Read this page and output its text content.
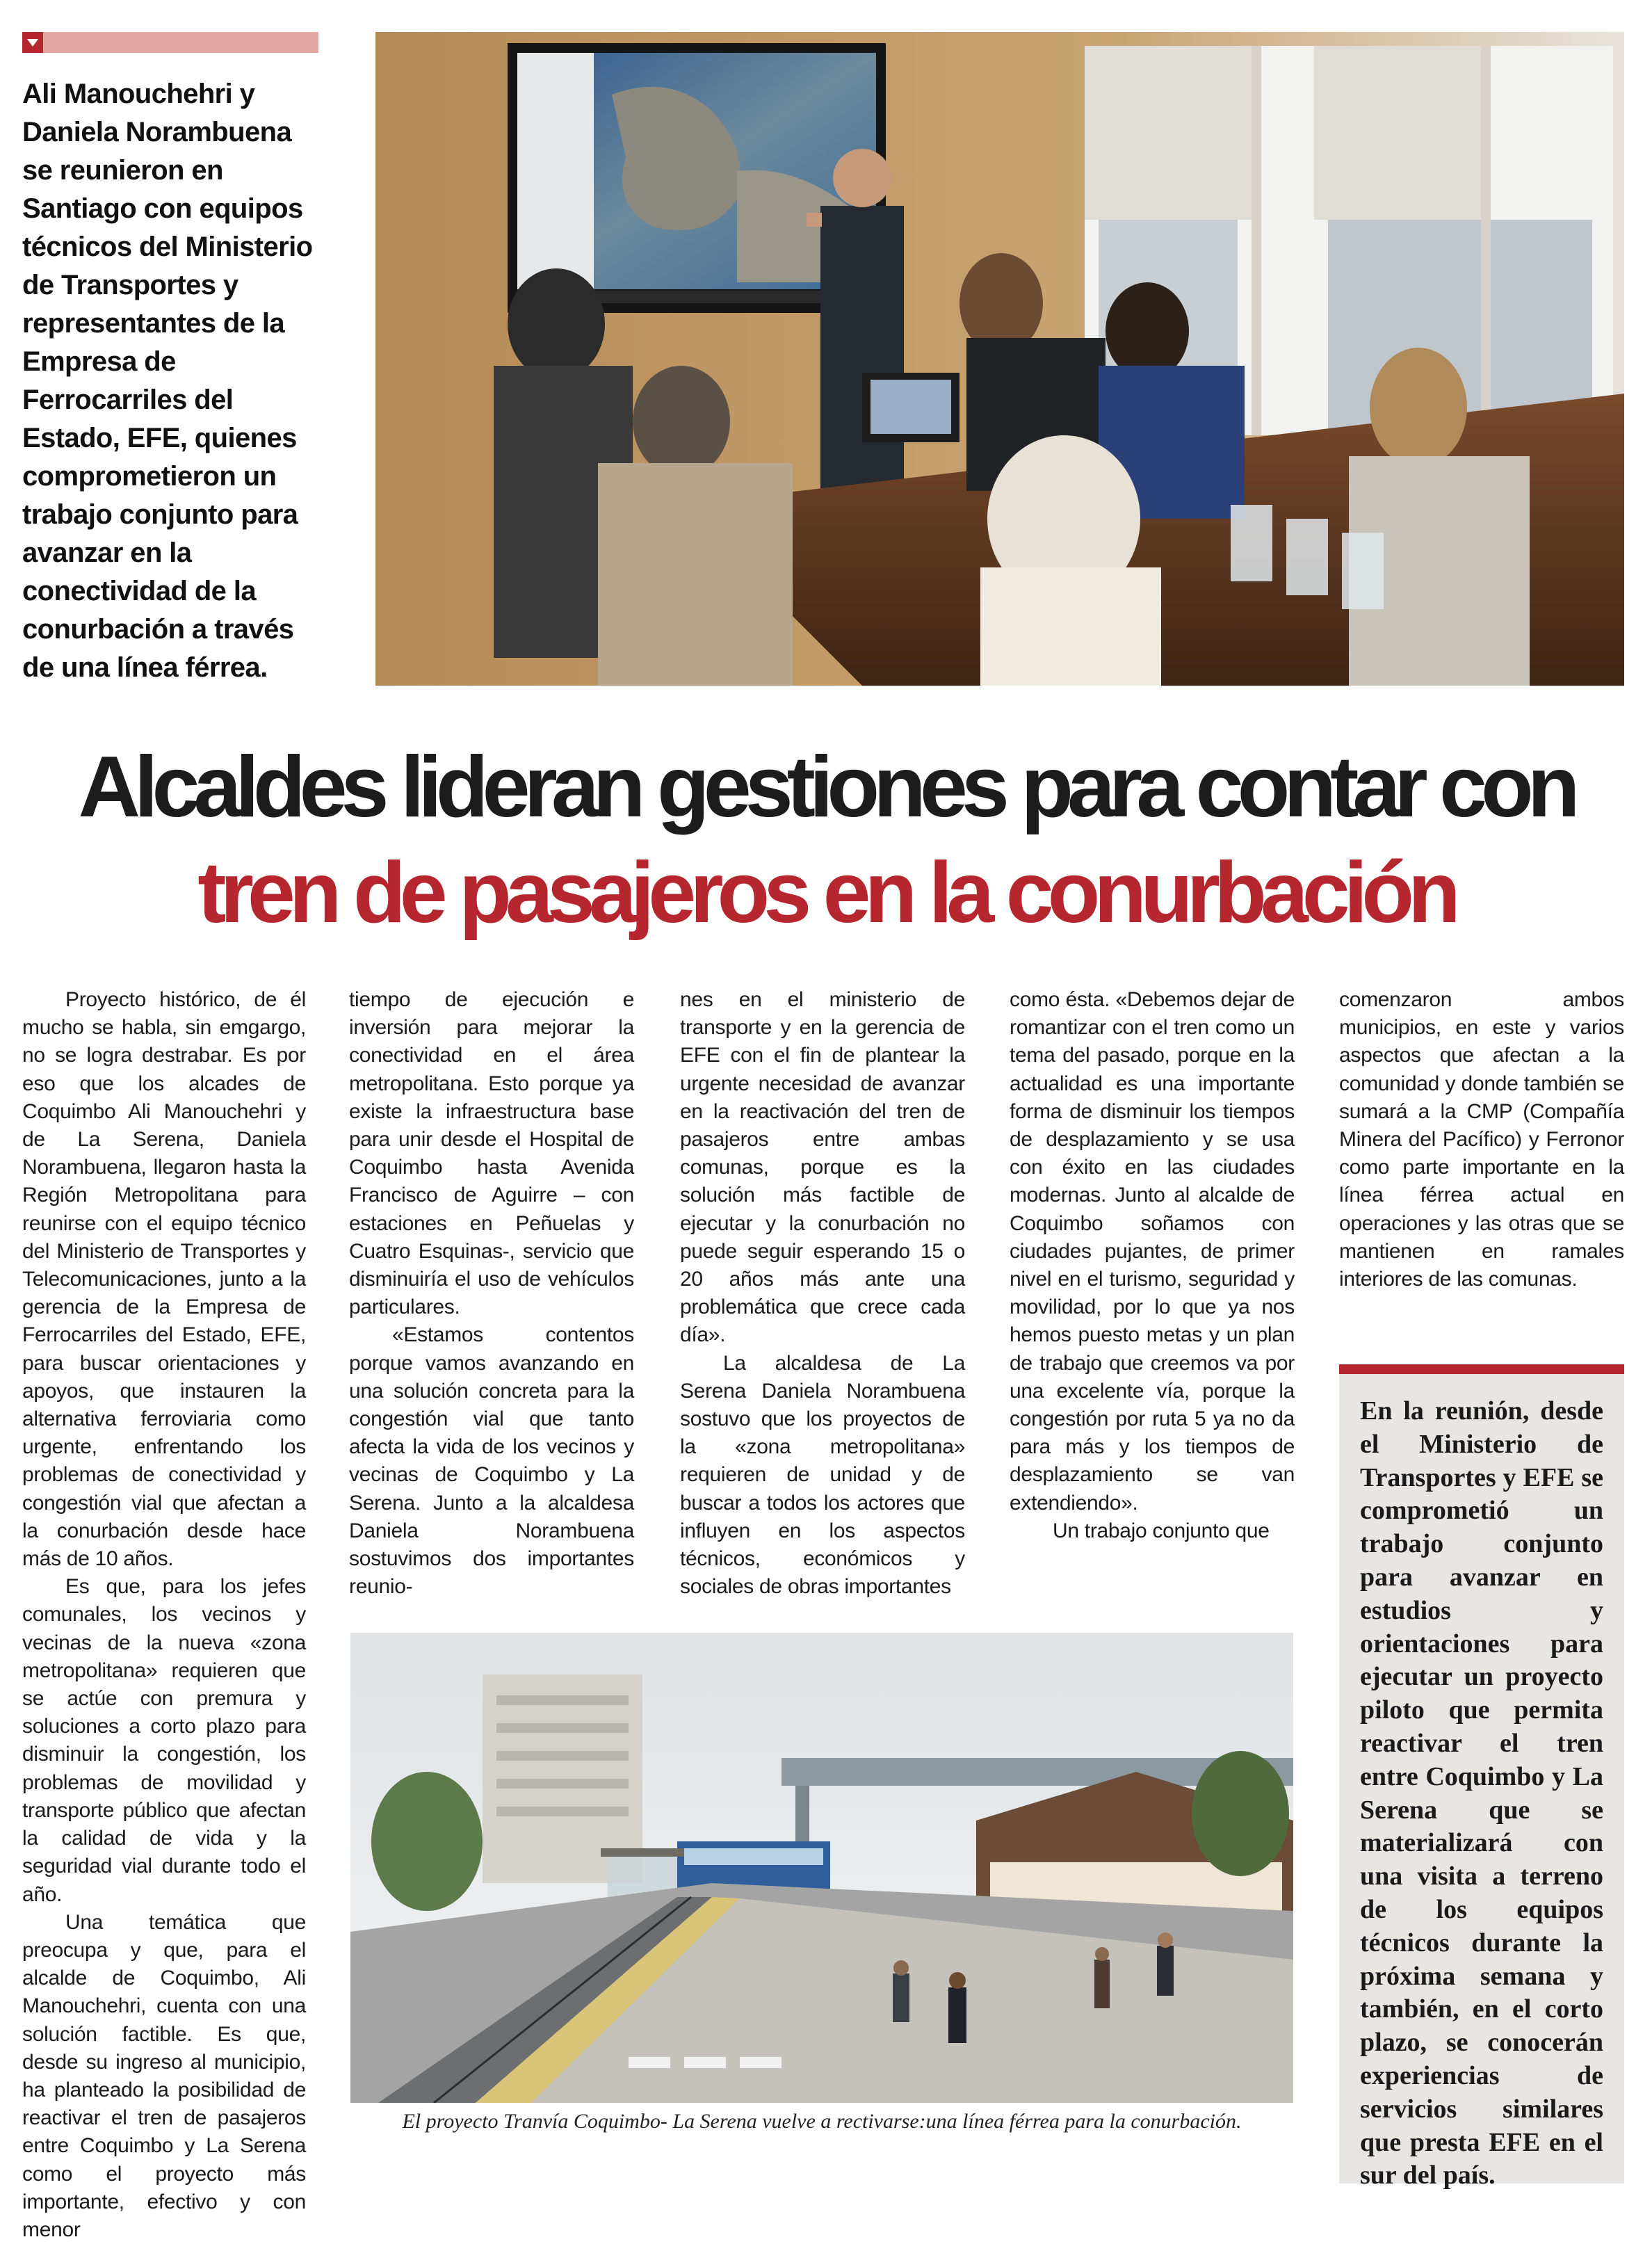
Ali Manouchehri y Daniela Norambuena se reunieron en Santiago con equipos técnicos del Ministerio de Transportes y representantes de la Empresa de Ferrocarriles del Estado, EFE, quienes comprometieron un trabajo conjunto para avanzar en la conectividad de la conurbación a través de una línea férrea.

Alcaldes lideran gestiones para contar con
tren de pasajeros en la conurbación

Proyecto histórico, de él mucho se habla, sin emgargo, no se logra destrabar. Es por eso que los alcades de Coquimbo Ali Manouchehri y de La Serena, Daniela Norambuena, llegaron hasta la Región Metropolitana para reunirse con el equipo técnico del Ministerio de Transportes y Telecomunicaciones, junto a la gerencia de la Empresa de Ferrocarriles del Estado, EFE, para buscar orientaciones y apoyos, que instauren la alternativa ferroviaria como urgente, enfrentando los problemas de conectividad y congestión vial que afectan a la conurbación desde hace más de 10 años.

Es que, para los jefes comunales, los vecinos y vecinas de la nueva «zona metropolitana» requieren que se actúe con premura y soluciones a corto plazo para disminuir la congestión, los problemas de movilidad y transporte público que afectan la calidad de vida y la seguridad vial durante todo el año.

Una temática que preocupa y que, para el alcalde de Coquimbo, Ali Manouchehri, cuenta con una solución factible. Es que, desde su ingreso al municipio, ha planteado la posibilidad de reactivar el tren de pasajeros entre Coquimbo y La Serena como el proyecto más importante, efectivo y con menor

tiempo de ejecución e inversión para mejorar la conectividad en el área metropolitana. Esto porque ya existe la infraestructura base para unir desde el Hospital de Coquimbo hasta Avenida Francisco de Aguirre – con estaciones en Peñuelas y Cuatro Esquinas-, servicio que disminuiría el uso de vehículos particulares.

«Estamos contentos porque vamos avanzando en una solución concreta para la congestión vial que tanto afecta la vida de los vecinos y vecinas de Coquimbo y La Serena. Junto a la alcaldesa Daniela Norambuena sostuvimos dos importantes reunio-

nes en el ministerio de transporte y en la gerencia de EFE con el fin de plantear la urgente necesidad de avanzar en la reactivación del tren de pasajeros entre ambas comunas, porque es la solución más factible de ejecutar y la conurbación no puede seguir esperando 15 o 20 años más ante una problemática que crece cada día».

La alcaldesa de La Serena Daniela Norambuena sostuvo que los proyectos de la «zona metropolitana» requieren de unidad y de buscar a todos los actores que influyen en los aspectos técnicos, económicos y sociales de obras importantes

como ésta. «Debemos dejar de romantizar con el tren como un tema del pasado, porque en la actualidad es una importante forma de disminuir los tiempos de desplazamiento y se usa con éxito en las ciudades modernas. Junto al alcalde de Coquimbo soñamos con ciudades pujantes, de primer nivel en el turismo, seguridad y movilidad, por lo que ya nos hemos puesto metas y un plan de trabajo que creemos va por una excelente vía, porque la congestión por ruta 5 ya no da para más y los tiempos de desplazamiento se van extendiendo».

Un trabajo conjunto que

comenzaron ambos municipios, en este y varios aspectos que afectan a la comunidad y donde también se sumará a la CMP (Compañía Minera del Pacífico) y Ferronor como parte importante en la línea férrea actual en operaciones y las otras que se mantienen en ramales interiores de las comunas.

El proyecto Tranvía Coquimbo- La Serena vuelve a rectivarse:una línea férrea para la conurbación.

En la reunión, desde el Ministerio de Transportes y EFE se comprometió un trabajo conjunto para avanzar en estudios y orientaciones para ejecutar un proyecto piloto que permita reactivar el tren entre Coquimbo y La Serena que se materializará con una visita a terreno de los equipos técnicos durante la próxima semana y también, en el corto plazo, se conocerán experiencias de servicios similares que presta EFE en el sur del país.
